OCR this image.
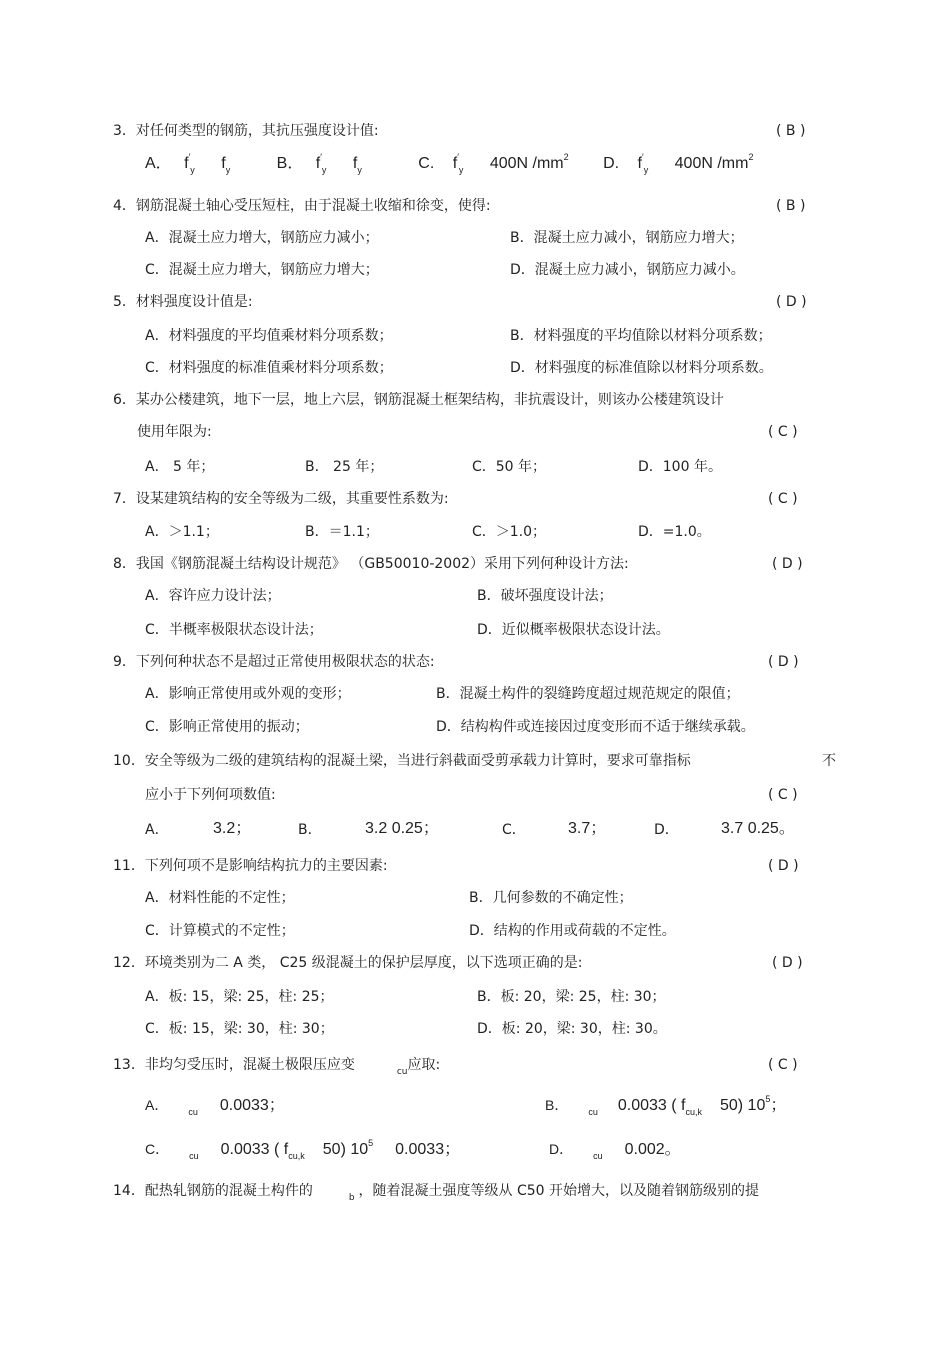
3．对任何类型的钢筋，其抗压强度设计值:	( B )
A． $f'_y$ $f_y$	B． $f'_y$ $f_y$	C. $f'_y$ 400N $/mm^2$ D. $f'_y$ 400N $/mm^2$
4．钢筋混凝土轴心受压短柱，由于混凝土收缩和徐变，使得:	( B )
A．混凝土应力增大，钢筋应力减小；	B．混凝土应力减小，钢筋应力增大；
C．混凝土应力增大，钢筋应力增大；	D．混凝土应力减小，钢筋应力减小。
5．材料强度设计值是:	( D )
A．材料强度的平均值乘材料分项系数；	B．材料强度的平均值除以材料分项系数；
C．材料强度的标准值乘材料分项系数；	D．材料强度的标准值除以材料分项系数。
6．某办公楼建筑，地下一层，地上六层，钢筋混凝土框架结构，非抗震设计，则该办公楼建筑设计
使用年限为:	( C )
A． 5 年；	B． 25 年；	C．50 年；	D．100 年。
7．设某建筑结构的安全等级为二级，其重要性系数为:	( C )
A．＞1.1；	B．＝1.1；	C．＞1.0；	D．=1.0。
8．我国《钢筋混凝土结构设计规范》 （GB50010-2002）采用下列何种设计方法:	( D )
A．容许应力设计法；	B．破坏强度设计法；
C．半概率极限状态设计法；	D．近似概率极限状态设计法。
9．下列何种状态不是超过正常使用极限状态的状态:	( D )
A．影响正常使用或外观的变形；	B．混凝土构件的裂缝跨度超过规范规定的限值；
C．影响正常使用的振动；	D．结构构件或连接因过度变形而不适于继续承载。
10．安全等级为二级的建筑结构的混凝土梁，当进行斜截面受剪承载力计算时，要求可靠指标	不
应小于下列何项数值:	( C )
A．	3.2；	B．	3.2 0.25；	C．	3.7；	D．	3.7 0.25。
11．下列何项不是影响结构抗力的主要因素:	( D )
A．材料性能的不定性；	B．几何参数的不确定性；
C．计算模式的不定性；	D．结构的作用或荷载的不定性。
12．环境类别为二 A 类， C25 级混凝土的保护层厚度，以下选项正确的是:	( D )
A．板: 15，梁: 25，柱: 25；	B．板: 20，梁: 25，柱: 30；
C．板: 15，梁: 30，柱: 30；	D．板: 20，梁: 30，柱: 30。
13．非均匀受压时，混凝土极限压应变	$_{cu}$应取:	( C )
A． $_{cu}$ 0.0033；	B． $_{cu}$ 0.0033 ( $f_{cu,k}$ 50) $10^5$；
C． $_{cu}$ 0.0033 ( $f_{cu,k}$ 50) $10^5$ 0.0033；	D． $_{cu}$ 0.002。
14．配热轧钢筋的混凝土构件的	$_b$ ，随着混凝土强度等级从 C50 开始增大，以及随着钢筋级别的提
